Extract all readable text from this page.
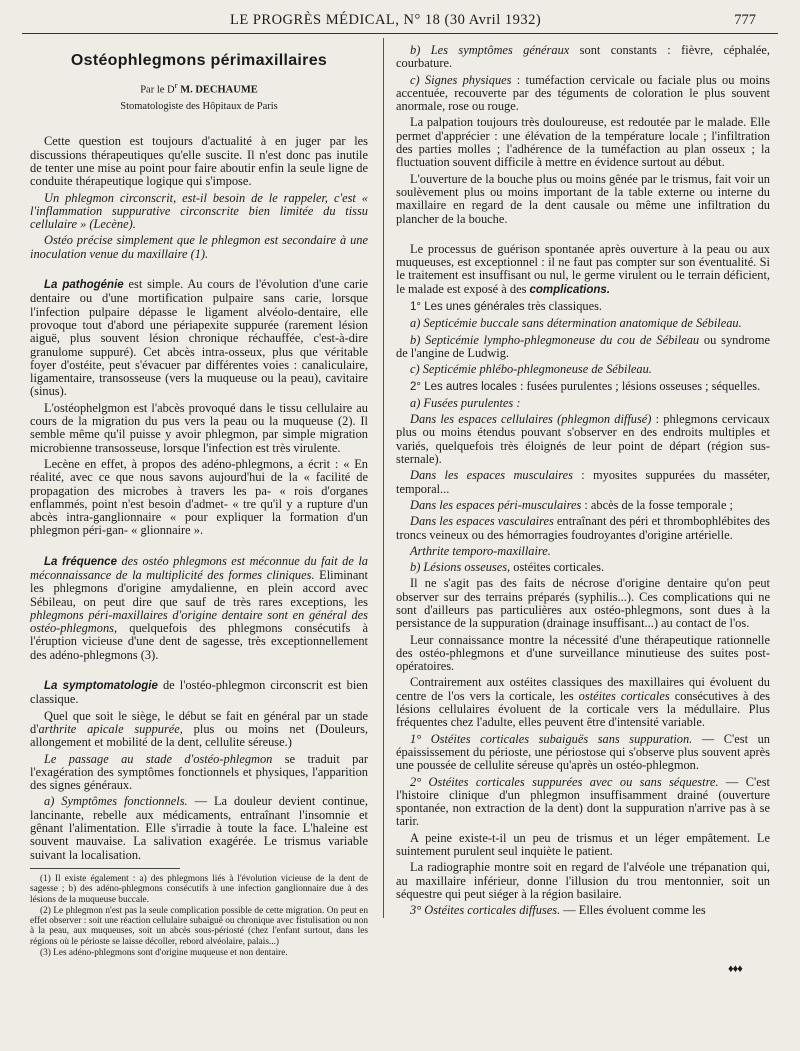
LE PROGRÈS MÉDICAL, N° 18 (30 Avril 1932)	777
Ostéophlegmons périmaxillaires
Par le $D^r$ M. DECHAUME
Stomatologiste des Hôpitaux de Paris

Cette question est toujours d'actualité à en juger par les discussions thérapeutiques qu'elle suscite. Il n'est donc pas inutile de tenter une mise au point pour faire aboutir enfin la seule ligne de conduite thérapeutique logique qui s'impose.

Un phlegmon circonscrit, est-il besoin de le rappeler, c'est « l'inflammation suppurative circonscrite bien limitée du tissu cellulaire » (Lecène).

Ostéo précise simplement que le phlegmon est secondaire à une inoculation venue du maxillaire (1).

La pathogénie est simple. Au cours de l'évolution d'une carie dentaire ou d'une mortification pulpaire sans carie, lorsque l'infection pulpaire dépasse le ligament alvéolo-dentaire, elle provoque tout d'abord une périapexite suppurée (rarement lésion aiguë, plus souvent lésion chronique réchauffée, c'est-à-dire granulome suppuré). Cet abcès intra-osseux, plus que véritable foyer d'ostéite, peut s'évacuer par différentes voies : canaliculaire, ligamentaire, transosseuse (vers la muqueuse ou la peau), cavitaire (sinus).

L'ostéophelgmon est l'abcès provoqué dans le tissu cellulaire au cours de la migration du pus vers la peau ou la muqueuse (2). Il semble même qu'il puisse y avoir phlegmon, par simple migration microbienne transosseuse, lorsque l'infection est très virulente.

Lecène en effet, à propos des adéno-phlegmons, a écrit : « En réalité, avec ce que nous savons aujourd'hui de la « facilité de propagation des microbes à travers les pa- « rois d'organes enflammés, point n'est besoin d'admet- « tre qu'il y a rupture d'un abcès intra-ganglionnaire « pour expliquer la formation d'un phlegmon péri-gan- « glionnaire ».

La fréquence des ostéo phlegmons est méconnue du fait de la méconnaissance de la multiplicité des formes cliniques. Eliminant les phlegmons d'origine amydalienne, en plein accord avec Sébileau, on peut dire que sauf de très rares exceptions, les phlegmons péri-maxillaires d'origine dentaire sont en général des ostéo-phlegmons, quelquefois des phlegmons consécutifs à l'éruption vicieuse d'une dent de sagesse, très exceptionnellement des adéno-phlegmons (3).

La symptomatologie de l'ostéo-phlegmon circonscrit est bien classique.

Quel que soit le siège, le début se fait en général par un stade d'arthrite apicale suppurée, plus ou moins net (Douleurs, allongement et mobilité de la dent, cellulite séreuse.)

Le passage au stade d'ostéo-phlegmon se traduit par l'exagération des symptômes fonctionnels et physiques, l'apparition des signes généraux.

a) Symptômes fonctionnels. — La douleur devient continue, lancinante, rebelle aux médicaments, entraînant l'insomnie et gênant l'alimentation. Elle s'irradie à toute la face. L'haleine est souvent mauvaise. La salivation exagérée. Le trismus variable suivant la localisation.

(1) Il existe également : a) des phlegmons liés à l'évolution vicieuse de la dent de sagesse ; b) des adéno-phlegmons consécutifs à une infection ganglionnaire due à des lésions de la muqueuse buccale.

(2) Le phlegmon n'est pas la seule complication possible de cette migration. On peut en effet observer : soit une réaction cellulaire subaiguë ou chronique avec fistulisation ou non à la peau, aux muqueuses, soit un abcès sous-périosté (chez l'enfant surtout, dans les régions où le périoste se laisse décoller, rebord alvéolaire, palais...)

(3) Les adéno-phlegmons sont d'origine muqueuse et non dentaire.

b) Les symptômes généraux sont constants : fièvre, céphalée, courbature.

c) Signes physiques : tuméfaction cervicale ou faciale plus ou moins accentuée, recouverte par des téguments de coloration le plus souvent anormale, rose ou rouge.

La palpation toujours très douloureuse, est redoutée par le malade. Elle permet d'apprécier : une élévation de la température locale ; l'infiltration des parties molles ; l'adhérence de la tuméfaction au plan osseux ; la fluctuation souvent difficile à mettre en évidence surtout au début.

L'ouverture de la bouche plus ou moins gênée par le trismus, fait voir un soulèvement plus ou moins important de la table externe ou interne du maxillaire en regard de la dent causale ou même une infiltration du plancher de la bouche.

Le processus de guérison spontanée après ouverture à la peau ou aux muqueuses, est exceptionnel : il ne faut pas compter sur son éventualité. Si le traitement est insuffisant ou nul, le germe virulent ou le terrain déficient, le malade est exposé à des complications.

1° Les unes générales très classiques.

a) Septicémie buccale sans détermination anatomique de Sébileau.

b) Septicémie lympho-phlegmoneuse du cou de Sébileau ou syndrome de l'angine de Ludwig.

c) Septicémie phlébo-phlegmoneuse de Sébileau.

2° Les autres locales : fusées purulentes ; lésions osseuses ; séquelles.

a) Fusées purulentes :

Dans les espaces cellulaires (phlegmon diffusé) : phlegmons cervicaux plus ou moins étendus pouvant s'observer en des endroits multiples et variés, quelquefois très éloignés de leur point de départ (région sus-sternale).

Dans les espaces musculaires : myosites suppurées du masséter, temporal...

Dans les espaces péri-musculaires : abcès de la fosse temporale ;

Dans les espaces vasculaires entraînant des péri et thrombophlébites des troncs veineux ou des hémorragies foudroyantes d'origine artérielle.

Arthrite temporo-maxillaire.

b) Lésions osseuses, ostéites corticales.

Il ne s'agit pas des faits de nécrose d'origine dentaire qu'on peut observer sur des terrains préparés (syphilis...). Ces complications qui ne sont d'ailleurs pas particulières aux ostéo-phlegmons, sont dues à la persistance de la suppuration (drainage insuffisant...) au contact de l'os.

Leur connaissance montre la nécessité d'une thérapeutique rationnelle des ostéo-phlegmons et d'une surveillance minutieuse des suites post-opératoires.

Contrairement aux ostéites classiques des maxillaires qui évoluent du centre de l'os vers la corticale, les ostéites corticales consécutives à des lésions cellulaires évoluent de la corticale vers la médullaire. Plus fréquentes chez l'adulte, elles peuvent être d'intensité variable.

1° Ostéites corticales subaiguës sans suppuration. — C'est un épaississement du périoste, une périostose qui s'observe plus souvent après une poussée de cellulite séreuse qu'après un ostéo-phlegmon.

2° Ostéites corticales suppurées avec ou sans séquestre. — C'est l'histoire clinique d'un phlegmon insuffisamment drainé (ouverture spontanée, non extraction de la dent) dont la suppuration n'arrive pas à se tarir.

A peine existe-t-il un peu de trismus et un léger empâtement. Le suintement purulent seul inquiète le patient.

La radiographie montre soit en regard de l'alvéole une trépanation qui, au maxillaire inférieur, donne l'illusion du trou mentonnier, soit un séquestre qui peut siéger à la région basilaire.

3° Ostéites corticales diffuses. — Elles évoluent comme les

♦♦♦
